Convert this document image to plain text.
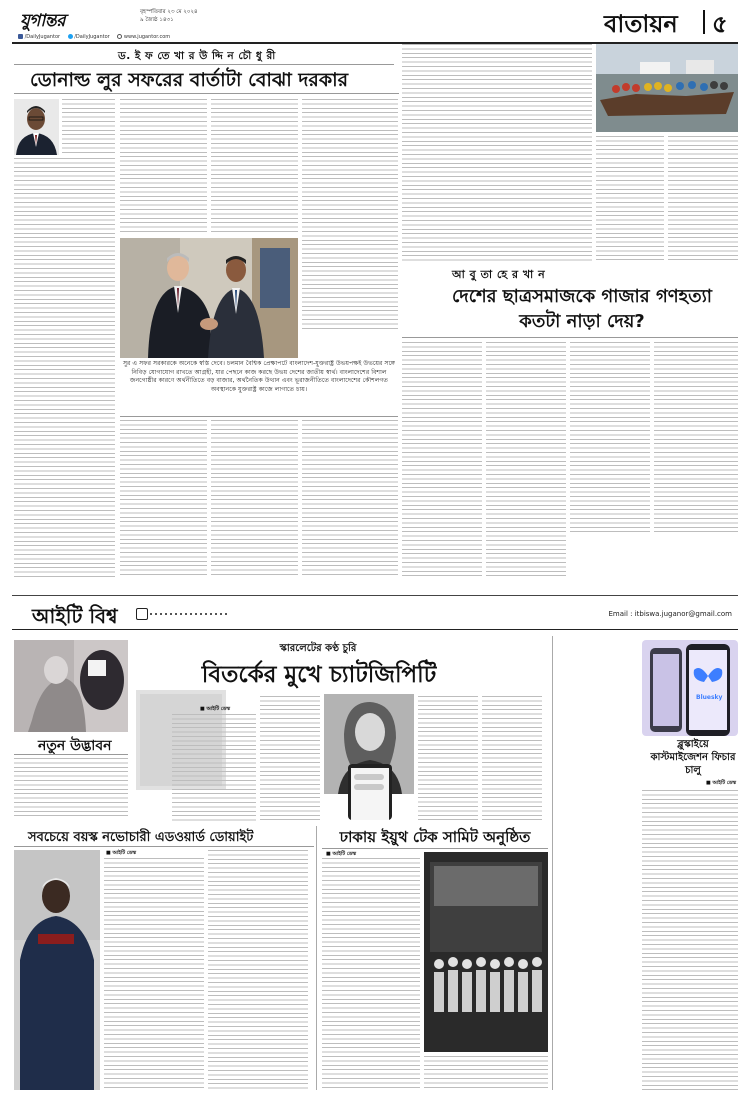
যুগান্তর	বৃহস্পতিবার ২৩ মে ২০২৪
৯ জ্যৈষ্ঠ ১৪৩১
/DailyJugantor	/DailyJugantor	www.jugantor.com	বাতায়ন ৫
ড. ই ফ তে খা র উ দ্দি ন চৌ ধু রী
ডোনাল্ড লুর সফরের বার্তাটা বোঝা দরকার
সুর এ সফর সরকারকে অনেকে স্বস্তি দেবে। চলমান বৈশ্বিক প্রেক্ষাপটে বাংলাদেশ-যুক্তরাষ্ট্র উভয়পক্ষই উভয়ের সঙ্গে নিবিড় যোগাযোগ রাখতে আগ্রহী, যার পেছনে কাজ করছে উভয় দেশের জাতীয় স্বার্থ। বাংলাদেশের বিশাল জনগোষ্ঠীর কারণে অর্থনীতিতে বড় বাজার, অর্থনৈতিক উত্থান এবং ভূরাজনীতিতে বাংলাদেশের কৌশলগত অবস্থানকে যুক্তরাষ্ট্র কাজে লাগাতে চায়।
আ বু তা হে র খা ন
দেশের ছাত্রসমাজকে গাজার গণহত্যা কতটা নাড়া দেয়?
আইটি বিশ্ব	Email : itbiswa.juganor@gmail.com
নতুন উদ্ভাবন
স্কারলেটের কণ্ঠ চুরি
বিতর্কের মুখে চ্যাটজিপিটি
■ আইটি ডেস্ক
Bluesky
ব্লুস্কাইয়ে কাস্টমাইজেশন ফিচার চালু
■ আইটি ডেস্ক
সবচেয়ে বয়স্ক নভোচারী এডওয়ার্ড ডোয়াইট
■ আইটি ডেস্ক
ঢাকায় ইয়ুথ টেক সামিট অনুষ্ঠিত
■ আইটি ডেস্ক
